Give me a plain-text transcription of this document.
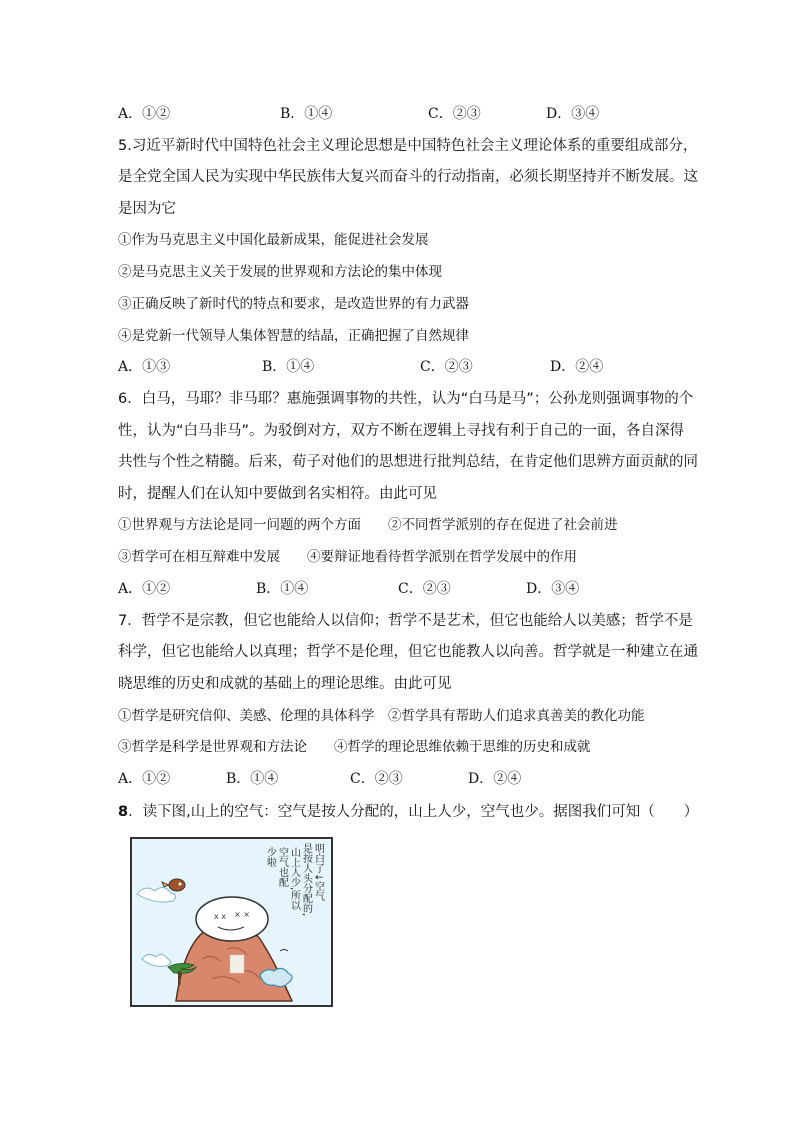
A．①②	B．①④	C．②③	D．③④
5.习近平新时代中国特色社会主义理论思想是中国特色社会主义理论体系的重要组成部分，
是全党全国人民为实现中华民族伟大复兴而奋斗的行动指南，必须长期坚持并不断发展。这
是因为它
①作为马克思主义中国化最新成果，能促进社会发展
②是马克思主义关于发展的世界观和方法论的集中体现
③正确反映了新时代的特点和要求，是改造世界的有力武器
④是党新一代领导人集体智慧的结晶，正确把握了自然规律
A．①③	B．①④	C．②③	D．②④
6．白马，马耶？非马耶？惠施强调事物的共性，认为“白马是马”；公孙龙则强调事物的个
性，认为“白马非马”。为驳倒对方，双方不断在逻辑上寻找有利于自己的一面，各自深得
共性与个性之精髓。后来，荀子对他们的思想进行批判总结，在肯定他们思辨方面贡献的同
时，提醒人们在认知中要做到名实相符。由此可见
①世界观与方法论是同一问题的两个方面　　②不同哲学派别的存在促进了社会前进
③哲学可在相互辩难中发展　　④要辩证地看待哲学派别在哲学发展中的作用
A．①②	B．①④	C．②③	D．③④
7．哲学不是宗教，但它也能给人以信仰；哲学不是艺术，但它也能给人以美感；哲学不是
科学，但它也能给人以真理；哲学不是伦理，但它也能教人以向善。哲学就是一种建立在通
晓思维的历史和成就的基础上的理论思维。由此可见
①哲学是研究信仰、美感、伦理的具体科学　②哲学具有帮助人们追求真善美的教化功能
③哲学是科学是世界观和方法论　　④哲学的理论思维依赖于思维的历史和成就
A．①②	B．①④	C．②③	D．②④
8．读下图,山上的空气：空气是按人分配的，山上人少，空气也少。据图我们可知（　　）
x x × ×
明白了↓空气
是按人头分配的,
山上人少,所以
空气也配
少啦
